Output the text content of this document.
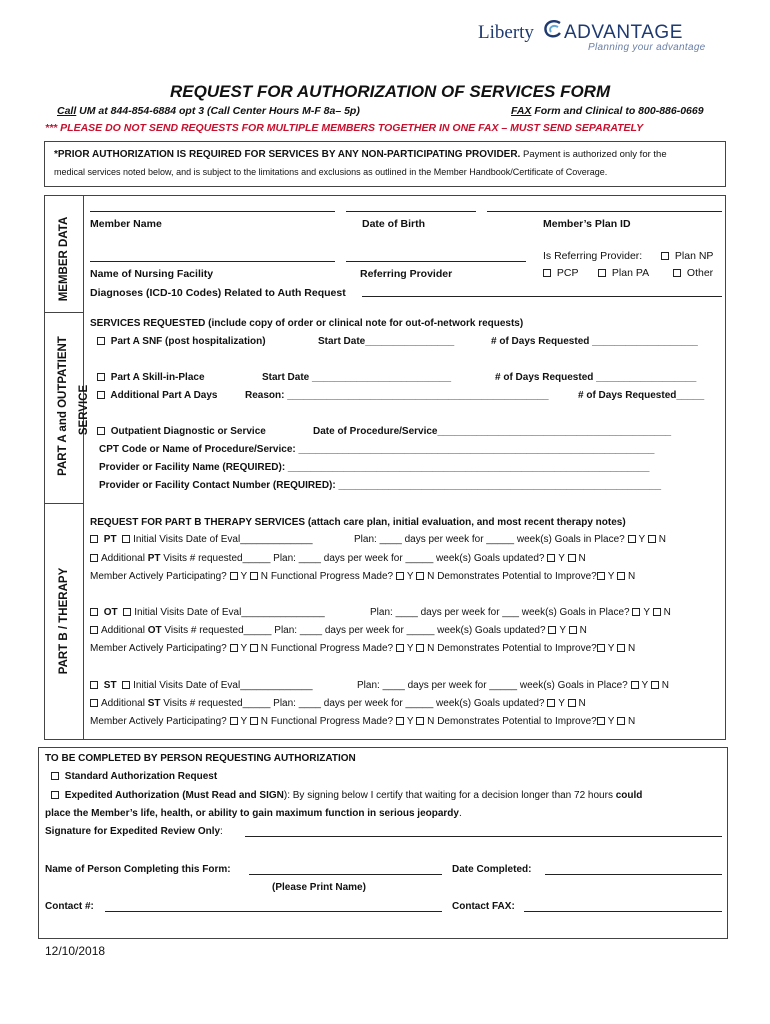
Liberty ADVANTAGE
Planning your advantage
REQUEST FOR AUTHORIZATION OF SERVICES FORM
Call UM at 844-854-6884 opt 3 (Call Center Hours M-F 8a– 5p)	FAX Form and Clinical to 800-886-0669
*** PLEASE DO NOT SEND REQUESTS FOR MULTIPLE MEMBERS TOGETHER IN ONE FAX – MUST SEND SEPARATELY
*PRIOR AUTHORIZATION IS REQUIRED FOR SERVICES BY ANY NON-PARTICIPATING PROVIDER. Payment is authorized only for the
medical services noted below, and is subject to the limitations and exclusions as outlined in the Member Handbook/Certificate of Coverage.
MEMBER DATA
PART A and OUTPATIENT SERVICE
PART B / THERAPY
Member Name	Date of Birth	Member’s Plan ID
Is Referring Provider:	Plan NP
Name of Nursing Facility	Referring Provider	PCP	Plan PA	Other
Diagnoses (ICD-10 Codes) Related to Auth Request
SERVICES REQUESTED (include copy of order or clinical note for out-of-network requests)
Part A SNF (post hospitalization)	Start Date________________	# of Days Requested ___________________
Part A Skill-in-Place	Start Date _________________________	# of Days Requested __________________
Additional Part A Days	Reason: _______________________________________________	# of Days Requested_____
Outpatient Diagnostic or Service	Date of Procedure/Service__________________________________________
CPT Code or Name of Procedure/Service: ________________________________________________________________
Provider or Facility Name (REQUIRED): _________________________________________________________________
Provider or Facility Contact Number (REQUIRED): __________________________________________________________
REQUEST FOR PART B THERAPY SERVICES (attach care plan, initial evaluation, and most recent therapy notes)
PT Initial Visits Date of Eval_____________	Plan: ____ days per week for _____ week(s) Goals in Place? Y N
Additional PT Visits # requested_____ Plan: ____ days per week for _____ week(s) Goals updated? Y N
Member Actively Participating? Y N Functional Progress Made? Y N Demonstrates Potential to Improve? Y N
OT Initial Visits Date of Eval_______________	Plan: ____ days per week for ___ week(s) Goals in Place? Y N
Additional OT Visits # requested_____ Plan: ____ days per week for _____ week(s) Goals updated? Y N
Member Actively Participating? Y N Functional Progress Made? Y N Demonstrates Potential to Improve? Y N
ST Initial Visits Date of Eval_____________	Plan: ____ days per week for _____ week(s) Goals in Place? Y N
Additional ST Visits # requested_____ Plan: ____ days per week for _____ week(s) Goals updated? Y N
Member Actively Participating? Y N Functional Progress Made? Y N Demonstrates Potential to Improve? Y N
TO BE COMPLETED BY PERSON REQUESTING AUTHORIZATION
Standard Authorization Request
Expedited Authorization (Must Read and SIGN): By signing below I certify that waiting for a decision longer than 72 hours could
place the Member’s life, health, or ability to gain maximum function in serious jeopardy.
Signature for Expedited Review Only:
Name of Person Completing this Form:	Date Completed:
(Please Print Name)
Contact #:	Contact FAX:
12/10/2018
